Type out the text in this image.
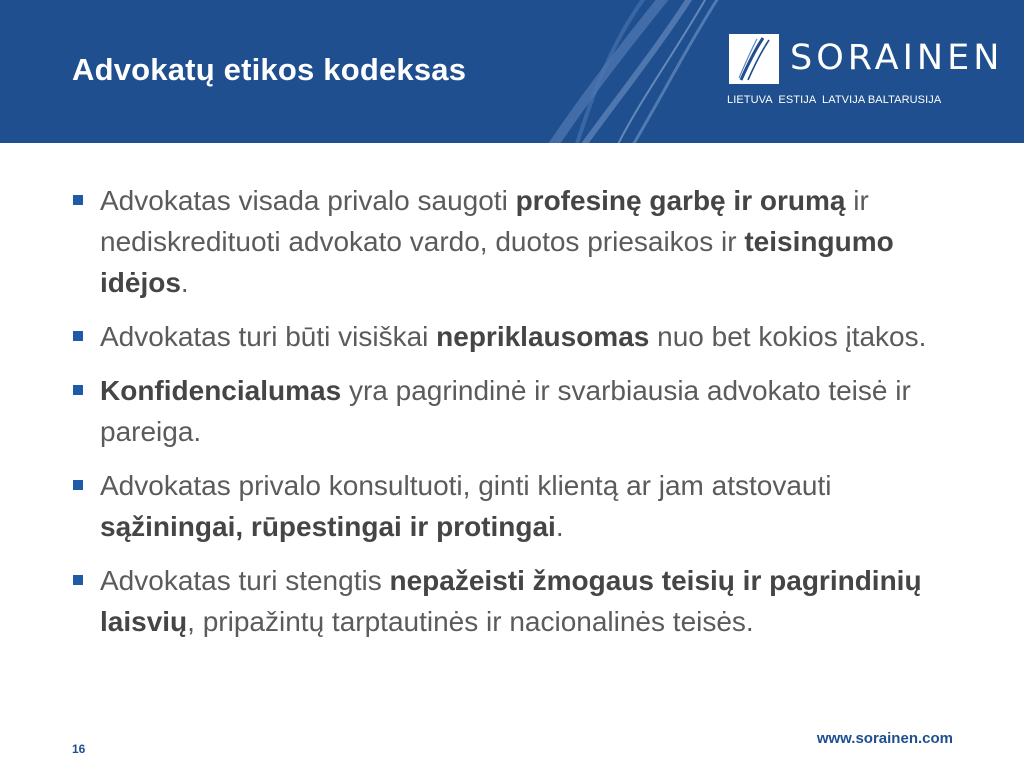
Advokatų etikos kodeksas	SORAINEN
LIETUVA  ESTIJA  LATVIJA BALTARUSIJA
Advokatas visada privalo saugoti profesinę garbę ir orumą ir nediskredituoti advokato vardo, duotos priesaikos ir teisingumo idėjos.
Advokatas turi būti visiškai nepriklausomas nuo bet kokios įtakos.
Konfidencialumas yra pagrindinė ir svarbiausia advokato teisė ir pareiga.
Advokatas privalo konsultuoti, ginti klientą ar jam atstovauti sąžiningai, rūpestingai ir protingai.
Advokatas turi stengtis nepažeisti žmogaus teisių ir pagrindinių laisvių, pripažintų tarptautinės ir nacionalinės teisės.
16
www.sorainen.com
